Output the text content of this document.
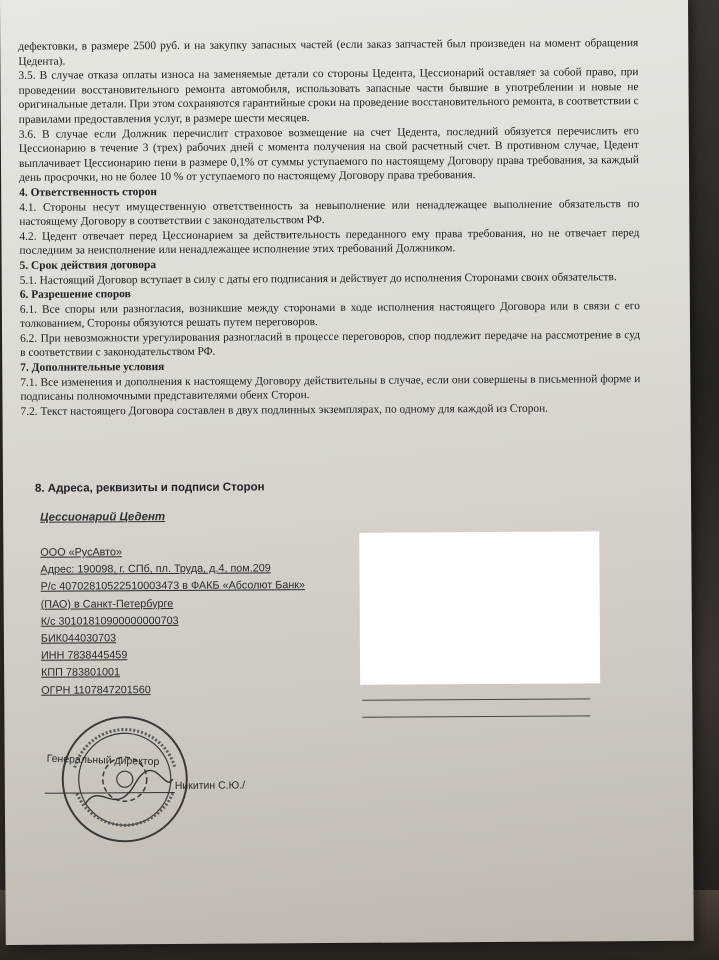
дефектовки, в размере 2500 руб. и на закупку запасных частей (если заказ запчастей был произведен на момент обращения Цедента).

3.5. В случае отказа оплаты износа на заменяемые детали со стороны Цедента, Цессионарий оставляет за собой право, при проведении восстановительного ремонта автомобиля, использовать запасные части бывшие в употреблении и новые не оригинальные детали. При этом сохраняются гарантийные сроки на проведение восстановительного ремонта, в соответствии с правилами предоставления услуг, в размере шести месяцев.

3.6. В случае если Должник перечислит страховое возмещение на счет Цедента, последний обязуется перечислить его Цессионарию в течение 3 (трех) рабочих дней с момента получения на свой расчетный счет. В противном случае, Цедент выплачивает Цессионарию пени в размере 0,1% от суммы уступаемого по настоящему Договору права требования, за каждый день просрочки, но не более 10 % от уступаемого по настоящему Договору права требования.

4. Ответственность сторон

4.1. Стороны несут имущественную ответственность за невыполнение или ненадлежащее выполнение обязательств по настоящему Договору в соответствии с законодательством РФ.

4.2. Цедент отвечает перед Цессионарием за действительность переданного ему права требования, но не отвечает перед последним за неисполнение или ненадлежащее исполнение этих требований Должником.

5. Срок действия договора

5.1. Настоящий Договор вступает в силу с даты его подписания и действует до исполнения Сторонами своих обязательств.

6. Разрешение споров

6.1. Все споры или разногласия, возникшие между сторонами в ходе исполнения настоящего Договора или в связи с его толкованием, Стороны обязуются решать путем переговоров.

6.2. При невозможности урегулирования разногласий в процессе переговоров, спор подлежит передаче на рассмотрение в суд в соответствии с законодательством РФ.

7. Дополнительные условия

7.1. Все изменения и дополнения к настоящему Договору действительны в случае, если они совершены в письменной форме и подписаны полномочными представителями обеих Сторон.

7.2. Текст настоящего Договора составлен в двух подлинных экземплярах, по одному для каждой из Сторон.

8. Адреса, реквизиты и подписи Сторон
Цессионарий Цедент
ООО «РусАвто»
Адрес: 190098, г. СПб, пл. Труда, д.4, пом.209
Р/с 40702810522510003473 в ФАКБ «Абсолют Банк»
(ПАО) в Санкт-Петербурге
К/с 30101810900000000703
БИК044030703
ИНН 7838445459
КПП 783801001
ОГРН 1107847201560
Генеральный директор
Никитин С.Ю./
